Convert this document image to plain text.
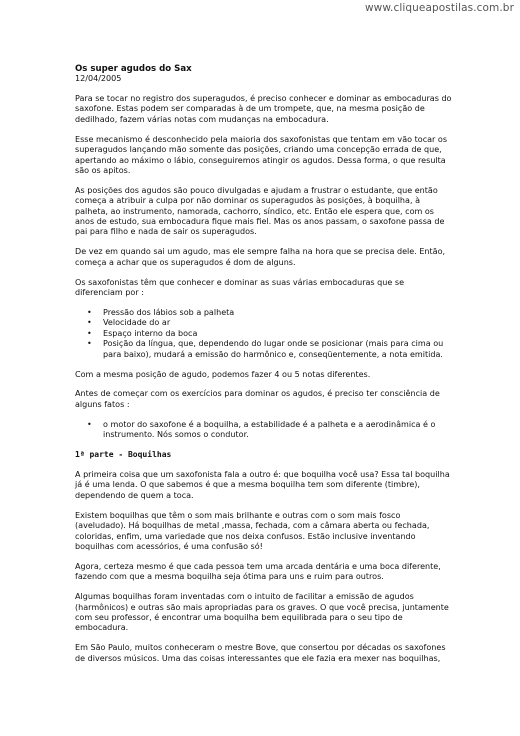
www.cliqueapostilas.com.br
Os super agudos do Sax
12/04/2005

Para se tocar no registro dos superagudos, é preciso conhecer e dominar as embocaduras do saxofone. Estas podem ser comparadas à de um trompete, que, na mesma posição de dedilhado, fazem várias notas com mudanças na embocadura.

Esse mecanismo é desconhecido pela maioria dos saxofonistas que tentam em vão tocar os superagudos lançando mão somente das posições, criando uma concepção errada de que, apertando ao máximo o lábio, conseguiremos atingir os agudos. Dessa forma, o que resulta são os apitos.

As posições dos agudos são pouco divulgadas e ajudam a frustrar o estudante, que então começa a atribuir a culpa por não dominar os superagudos às posições, à boquilha, à palheta, ao instrumento, namorada, cachorro, síndico, etc. Então ele espera que, com os anos de estudo, sua embocadura fique mais fiel. Mas os anos passam, o saxofone passa de pai para filho e nada de sair os superagudos.

De vez em quando sai um agudo, mas ele sempre falha na hora que se precisa dele. Então, começa a achar que os superagudos é dom de alguns.

Os saxofonistas têm que conhecer e dominar as suas várias embocaduras que se diferenciam por :

• Pressão dos lábios sob a palheta
• Velocidade do ar
• Espaço interno da boca
• Posição da língua, que, dependendo do lugar onde se posicionar (mais para cima ou para baixo), mudará a emissão do harmônico e, conseqüentemente, a nota emitida.

Com a mesma posição de agudo, podemos fazer 4 ou 5 notas diferentes.

Antes de começar com os exercícios para dominar os agudos, é preciso ter consciência de alguns fatos :

• o motor do saxofone é a boquilha, a estabilidade é a palheta e a aerodinâmica é o instrumento. Nós somos o condutor.
1ª parte - Boquilhas

A primeira coisa que um saxofonista fala a outro é: que boquilha você usa? Essa tal boquilha já é uma lenda. O que sabemos é que a mesma boquilha tem som diferente (timbre), dependendo de quem a toca.

Existem boquilhas que têm o som mais brilhante e outras com o som mais fosco (aveludado). Há boquilhas de metal ,massa, fechada, com a câmara aberta ou fechada, coloridas, enfim, uma variedade que nos deixa confusos. Estão inclusive inventando boquilhas com acessórios, é uma confusão só!

Agora, certeza mesmo é que cada pessoa tem uma arcada dentária e uma boca diferente, fazendo com que a mesma boquilha seja ótima para uns e ruim para outros.

Algumas boquilhas foram inventadas com o intuito de facilitar a emissão de agudos (harmônicos) e outras são mais apropriadas para os graves. O que você precisa, juntamente com seu professor, é encontrar uma boquilha bem equilibrada para o seu tipo de embocadura.

Em São Paulo, muitos conheceram o mestre Bove, que consertou por décadas os saxofones de diversos músicos. Uma das coisas interessantes que ele fazia era mexer nas boquilhas,
